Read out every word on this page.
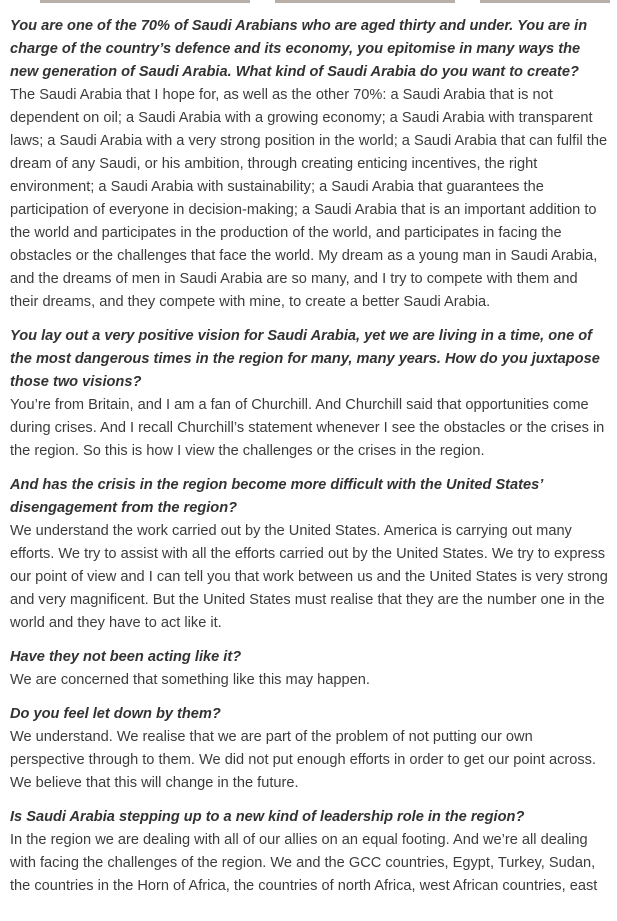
You are one of the 70% of Saudi Arabians who are aged thirty and under. You are in charge of the country’s defence and its economy, you epitomise in many ways the new generation of Saudi Arabia. What kind of Saudi Arabia do you want to create?

The Saudi Arabia that I hope for, as well as the other 70%: a Saudi Arabia that is not dependent on oil; a Saudi Arabia with a growing economy; a Saudi Arabia with transparent laws; a Saudi Arabia with a very strong position in the world; a Saudi Arabia that can fulfil the dream of any Saudi, or his ambition, through creating enticing incentives, the right environment; a Saudi Arabia with sustainability; a Saudi Arabia that guarantees the participation of everyone in decision-making; a Saudi Arabia that is an important addition to the world and participates in the production of the world, and participates in facing the obstacles or the challenges that face the world. My dream as a young man in Saudi Arabia, and the dreams of men in Saudi Arabia are so many, and I try to compete with them and their dreams, and they compete with mine, to create a better Saudi Arabia.

You lay out a very positive vision for Saudi Arabia, yet we are living in a time, one of the most dangerous times in the region for many, many years. How do you juxtapose those two visions?

You’re from Britain, and I am a fan of Churchill. And Churchill said that opportunities come during crises. And I recall Churchill’s statement whenever I see the obstacles or the crises in the region. So this is how I view the challenges or the crises in the region.

And has the crisis in the region become more difficult with the United States’ disengagement from the region?

We understand the work carried out by the United States. America is carrying out many efforts. We try to assist with all the efforts carried out by the United States. We try to express our point of view and I can tell you that work between us and the United States is very strong and very magnificent. But the United States must realise that they are the number one in the world and they have to act like it.

Have they not been acting like it?

We are concerned that something like this may happen.

Do you feel let down by them?

We understand. We realise that we are part of the problem of not putting our own perspective through to them. We did not put enough efforts in order to get our point across. We believe that this will change in the future.

Is Saudi Arabia stepping up to a new kind of leadership role in the region?

In the region we are dealing with all of our allies on an equal footing. And we’re all dealing with facing the challenges of the region. We and the GCC countries, Egypt, Turkey, Sudan, the countries in the Horn of Africa, the countries of north Africa, west African countries, east
